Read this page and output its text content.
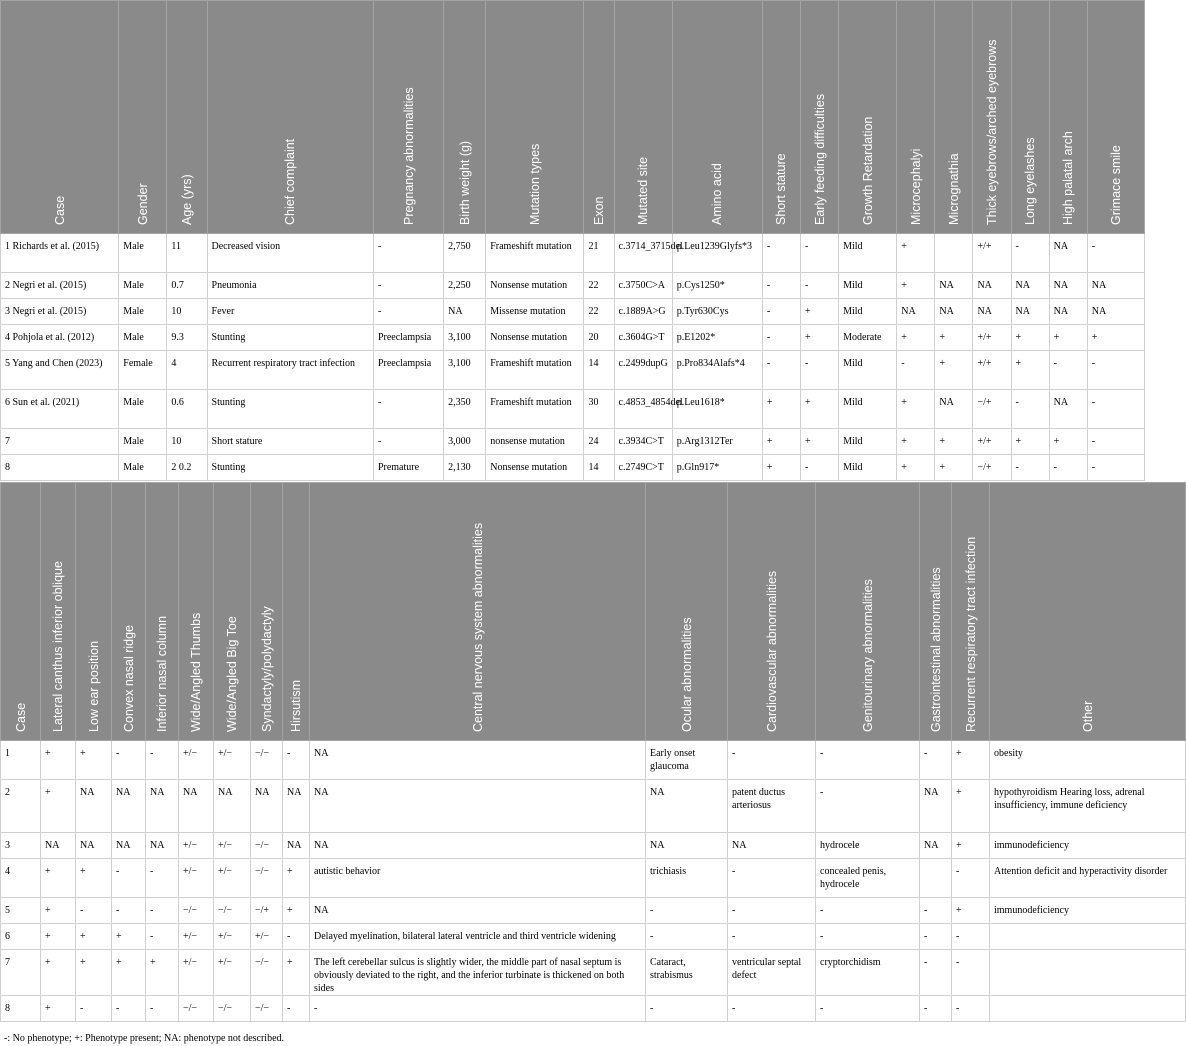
Case	Gender	Age (yrs)	Chief complaint	Pregnancy abnormalities	Birth weight (g)	Mutation types	Exon	Mutated site	Amino acid	Short stature	Early feeding difficulties	Growth Retardation	Microcephalyi	Micrognathia	Thick eyebrows/arched eyebrows	Long eyelashes	High palatal arch	Grimace smile

1 Richards et al. (2015)	Male	11	Decreased vision	-	2,750	Frameshift mutation	21	c.3714_3715del	p.Leu1239Glyfs*3	-	-	Mild	+		+/+	-	NA	-
2 Negri et al. (2015)	Male	0.7	Pneumonia	-	2,250	Nonsense mutation	22	c.3750C>A	p.Cys1250*	-	-	Mild	+	NA	NA	NA	NA	NA
3 Negri et al. (2015)	Male	10	Fever	-	NA	Missense mutation	22	c.1889A>G	p.Tyr630Cys	-	+	Mild	NA	NA	NA	NA	NA	NA
4 Pohjola et al. (2012)	Male	9.3	Stunting	Preeclampsia	3,100	Nonsense mutation	20	c.3604G>T	p.E1202*	-	+	Moderate	+	+	+/+	+	+	+
5 Yang and Chen (2023)	Female	4	Recurrent respiratory tract infection	Preeclampsia	3,100	Frameshift mutation	14	c.2499dupG	p.Pro834Alafs*4	-	-	Mild	-	+	+/+	+	-	-
6 Sun et al. (2021)	Male	0.6	Stunting	-	2,350	Frameshift mutation	30	c.4853_4854del	p.Leu1618*	+	+	Mild	+	NA	−/+	-	NA	-
7	Male	10	Short stature	-	3,000	nonsense mutation	24	c.3934C>T	p.Arg1312Ter	+	+	Mild	+	+	+/+	+	+	-
8	Male	2 0.2	Stunting	Premature	2,130	Nonsense mutation	14	c.2749C>T	p.Gln917*	+	-	Mild	+	+	−/+	-	-	-
Case	Lateral canthus inferior oblique	Low ear position	Convex nasal ridge	Inferior nasal column	Wide/Angled Thumbs	Wide/Angled Big Toe	Syndactyly/polydactyly	Hirsutism	Central nervous system abnormalities	Ocular abnormalities	Cardiovascular abnormalities	Genitourinary abnormalities	Gastrointestinal abnormalities	Recurrent respiratory tract infection	Other

1	+	+	-	-	+/−	+/−	−/−	-	NA	Early onset glaucoma	-	-	-	+	obesity
2	+	NA	NA	NA	NA	NA	NA	NA	NA	NA	patent ductus arteriosus	-	NA	+	hypothyroidism Hearing loss, adrenal insufficiency, immune deficiency
3	NA	NA	NA	NA	+/−	+/−	−/−	NA	NA	NA	NA	hydrocele	NA	+	immunodeficiency
4	+	+	-	-	+/−	+/−	−/−	+	autistic behavior	trichiasis	-	concealed penis, hydrocele		-	Attention deficit and hyperactivity disorder
5	+	-	-	-	−/−	−/−	−/+	+	NA	-	-	-	-	+	immunodeficiency
6	+	+	+	-	+/−	+/−	+/−	-	Delayed myelination, bilateral lateral ventricle and third ventricle widening	-	-	-	-	-	
7	+	+	+	+	+/−	+/−	−/−	+	The left cerebellar sulcus is slightly wider, the middle part of nasal septum is obviously deviated to the right, and the inferior turbinate is thickened on both sides	Cataract, strabismus	ventricular septal defect	cryptorchidism	-	-	
8	+	-	-	-	−/−	−/−	−/−	-	-	-	-	-	-	-	
-: No phenotype; +: Phenotype present; NA: phenotype not described.
